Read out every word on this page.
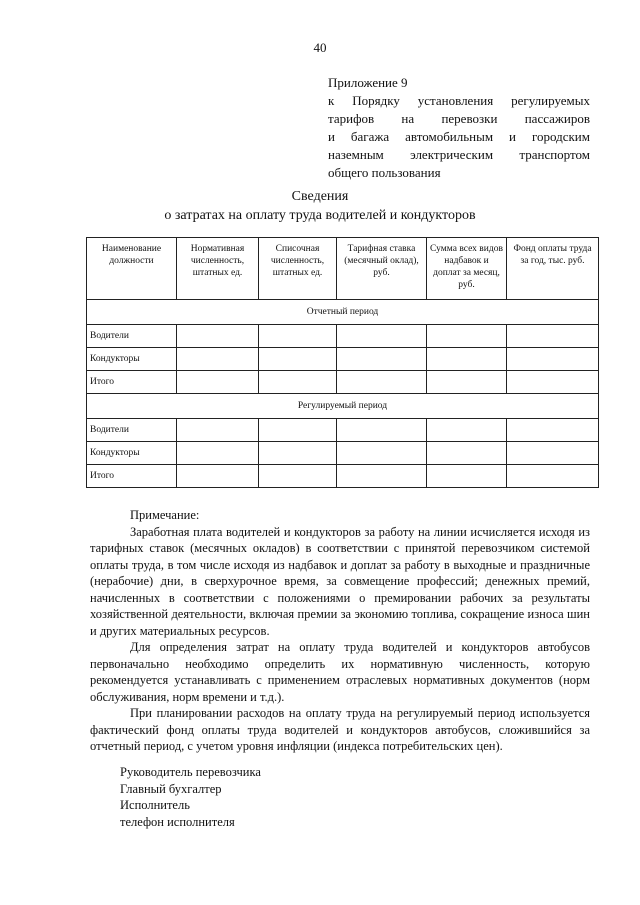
40
Приложение 9
к Порядку установления регулируемых
тарифов на перевозки пассажиров
и багажа автомобильным и городским
наземным электрическим транспортом
общего пользования
Сведения
о затратах на оплату труда водителей и кондукторов
Наименование должности	Нормативная численность, штатных ед.	Списочная численность, штатных ед.	Тарифная ставка (месячный оклад), руб.	Сумма всех видов надбавок и доплат за месяц, руб.	Фонд оплаты труда за год, тыс. руб.
Отчетный период					
Водители					
Кондукторы					
Итого					
Регулируемый период					
Водители					
Кондукторы					
Итого					
Примечание:

Заработная плата водителей и кондукторов за работу на линии исчисляется исходя из тарифных ставок (месячных окладов) в соответствии с принятой перевозчиком системой оплаты труда, в том числе исходя из надбавок и доплат за работу в выходные и праздничные (нерабочие) дни, в сверхурочное время, за совмещение профессий; денежных премий, начисленных в соответствии с положениями о премировании рабочих за результаты хозяйственной деятельности, включая премии за экономию топлива, сокращение износа шин и других материальных ресурсов.

Для определения затрат на оплату труда водителей и кондукторов автобусов первоначально необходимо определить их нормативную численность, которую рекомендуется устанавливать с применением отраслевых нормативных документов (норм обслуживания, норм времени и т.д.).

При планировании расходов на оплату труда на регулируемый период используется фактический фонд оплаты труда водителей и кондукторов автобусов, сложившийся за отчетный период, с учетом уровня инфляции (индекса потребительских цен).

Руководитель перевозчика
Главный бухгалтер
Исполнитель
телефон исполнителя
